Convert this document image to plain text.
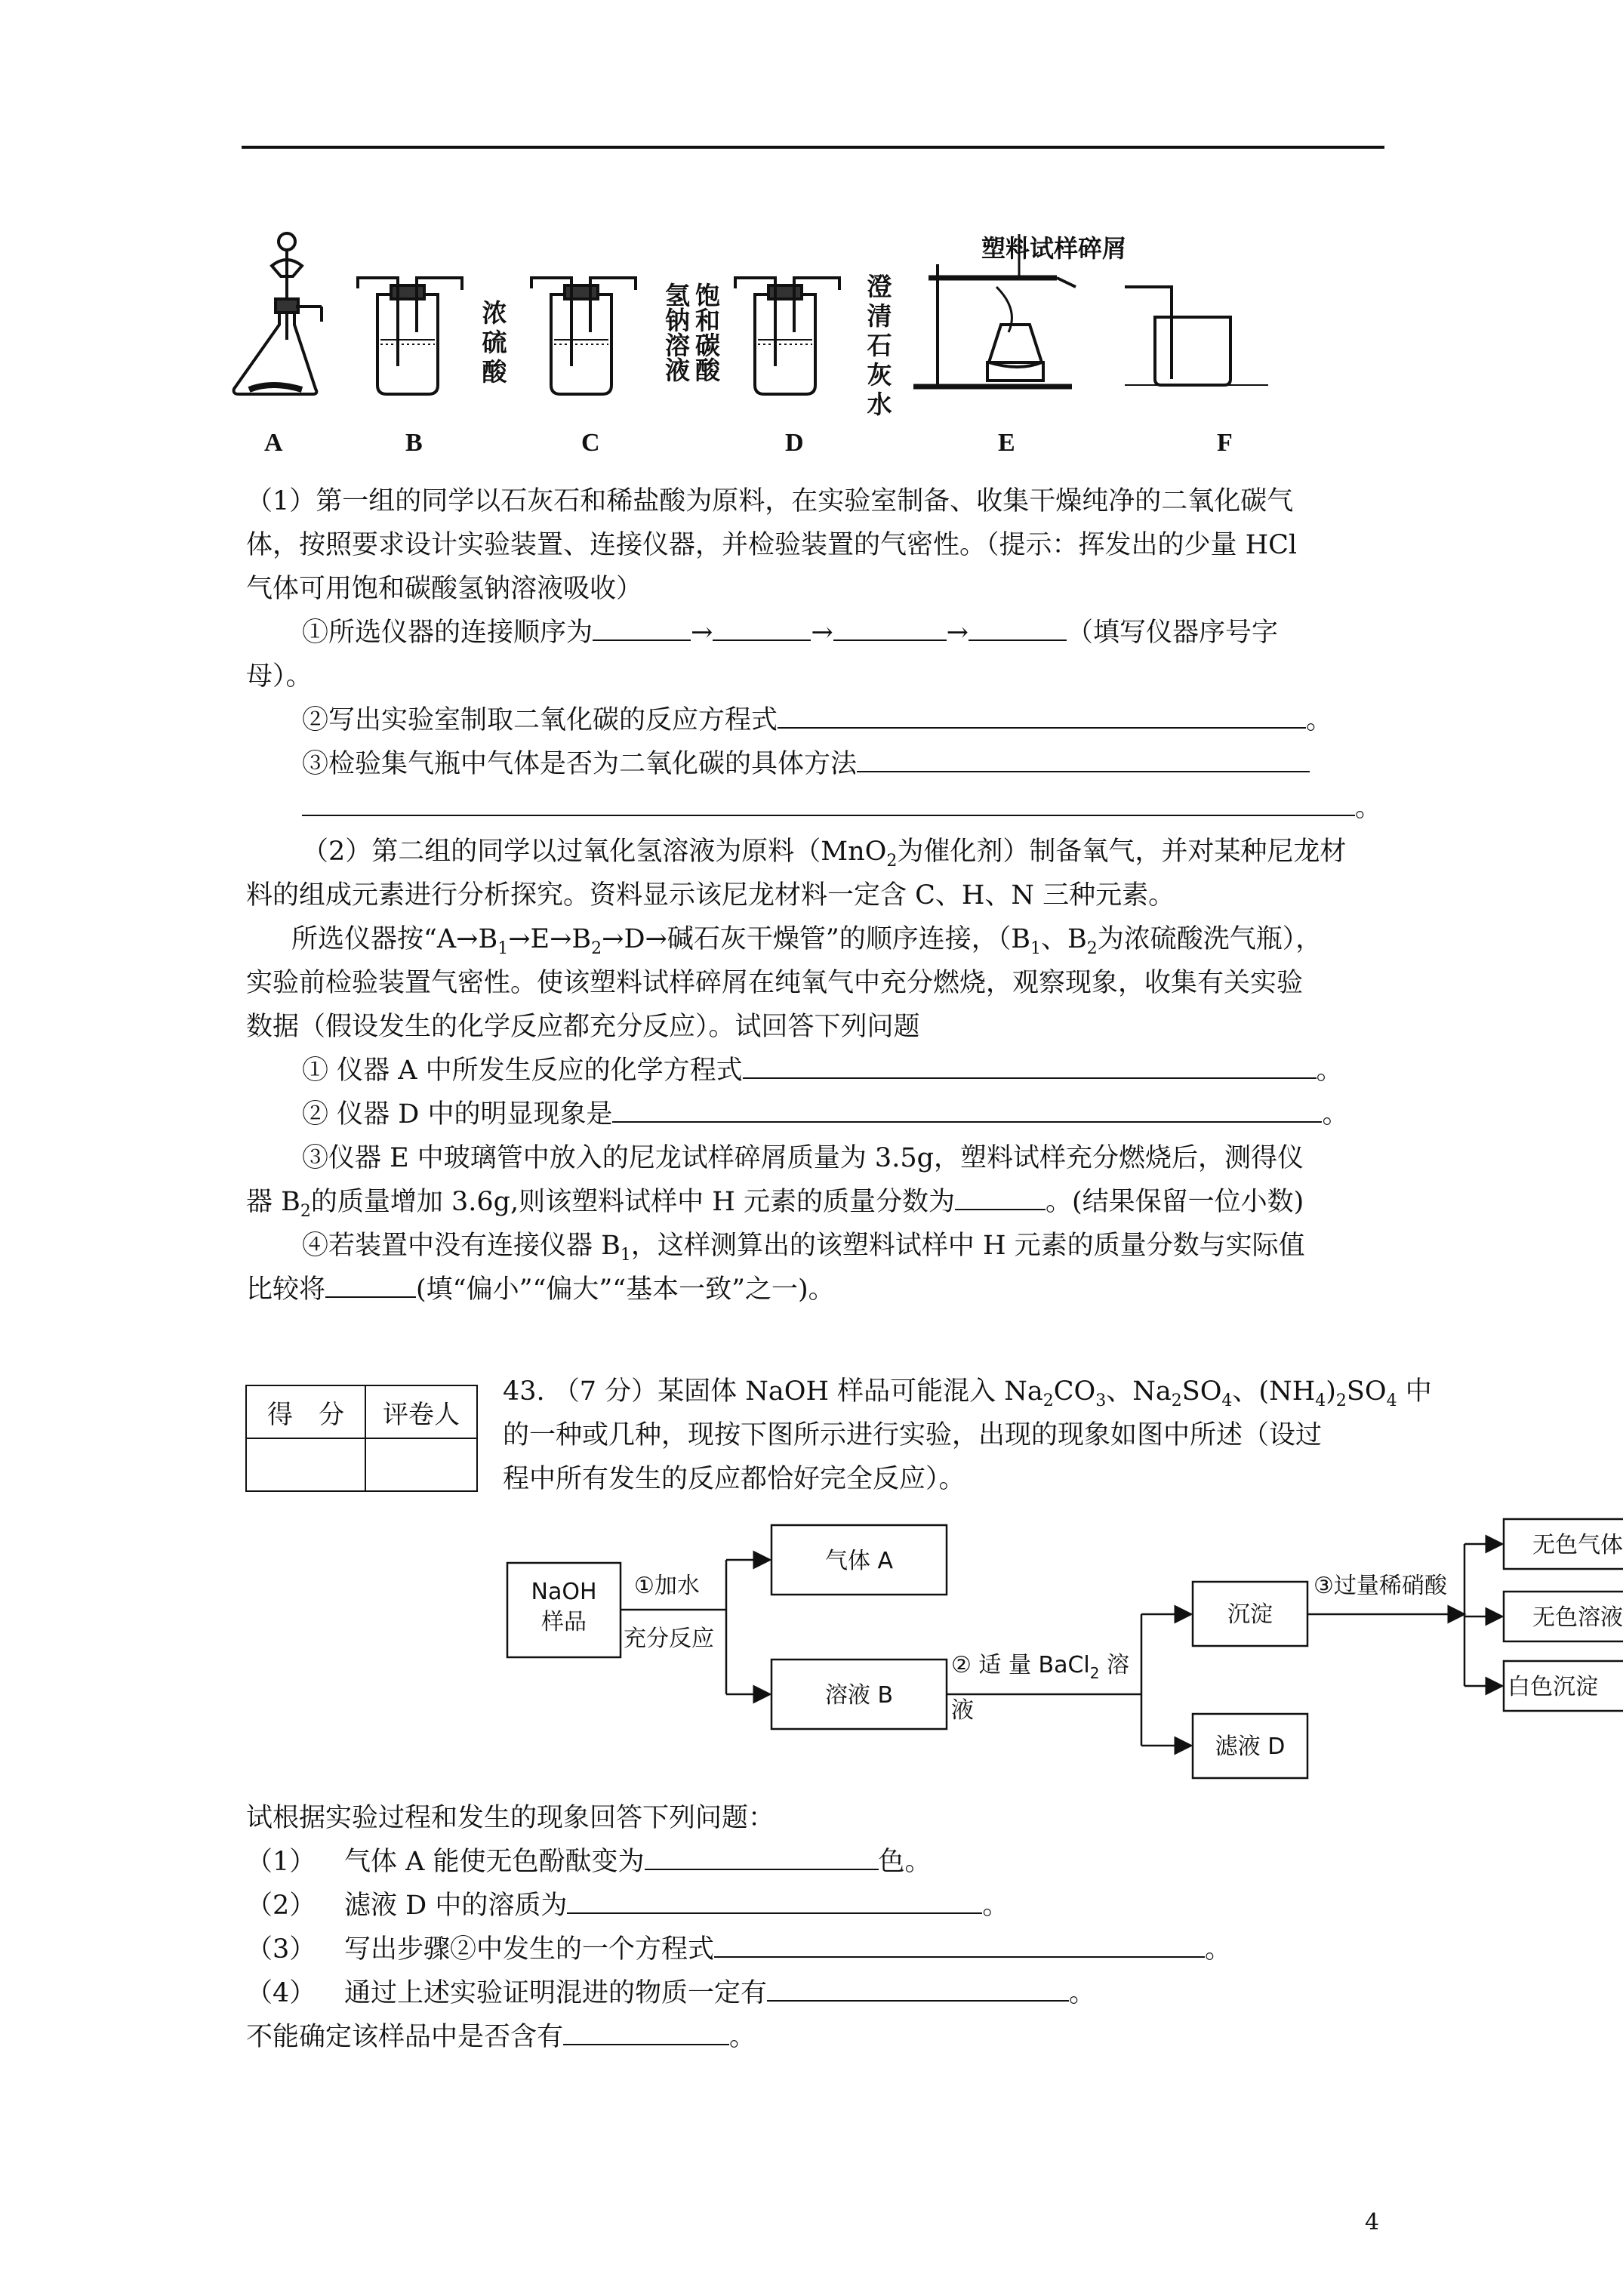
浓硫酸	饱和碳酸氢钠溶液	澄清石灰水
塑料试样碎屑
A	B	C	D	E	F
（1）第一组的同学以石灰石和稀盐酸为原料，在实验室制备、收集干燥纯净的二氧化碳气
体，按照要求设计实验装置、连接仪器，并检验装置的气密性。（提示：挥发出的少量 HCl
气体可用饱和碳酸氢钠溶液吸收）
①所选仪器的连接顺序为	→	→	→	（填写仪器序号字
母）。
②写出实验室制取二氧化碳的反应方程式	。
③检验集气瓶中气体是否为二氧化碳的具体方法
。
（2）第二组的同学以过氧化氢溶液为原料（MnO$_2$为催化剂）制备氧气，并对某种尼龙材
料的组成元素进行分析探究。资料显示该尼龙材料一定含 C、H、N 三种元素。
所选仪器按“$A\to B_1\to E\to B_2\to D\to$碱石灰干燥管”的顺序连接，（$B_1$、$B_2$为浓硫酸洗气瓶），
实验前检验装置气密性。使该塑料试样碎屑在纯氧气中充分燃烧，观察现象，收集有关实验
数据（假设发生的化学反应都充分反应）。试回答下列问题
① 仪器 A 中所发生反应的化学方程式	。
② 仪器 D 中的明显现象是	。
③仪器 E 中玻璃管中放入的尼龙试样碎屑质量为 3.5g，塑料试样充分燃烧后，测得仪
器 $B_2$的质量增加 3.6g,则该塑料试样中 H 元素的质量分数为	。(结果保留一位小数)
④若装置中没有连接仪器 $B_1$，这样测算出的该塑料试样中 H 元素的质量分数与实际值
比较将	(填“偏小”“偏大”“基本一致”之一)。
得　分	评卷人

43. （7 分）某固体 NaOH 样品可能混入 $Na_2CO_3$、$Na_2SO_4$、$(NH_4)_2SO_4$ 中
的一种或几种，现按下图所示进行实验，出现的现象如图中所述（设过
程中所有发生的反应都恰好完全反应）。
NaOH
样品
①加水
充分反应
气体 A
溶液 B
② 适 量 BaCl$_2$ 溶
液
沉淀
滤液 D
③过量稀硝酸
无色气体
无色溶液
白色沉淀
试根据实验过程和发生的现象回答下列问题：
（1） 气体 A 能使无色酚酞变为	色。
（2） 滤液 D 中的溶质为	。
（3） 写出步骤②中发生的一个方程式	。
（4） 通过上述实验证明混进的物质一定有	。
不能确定该样品中是否含有	。
4
